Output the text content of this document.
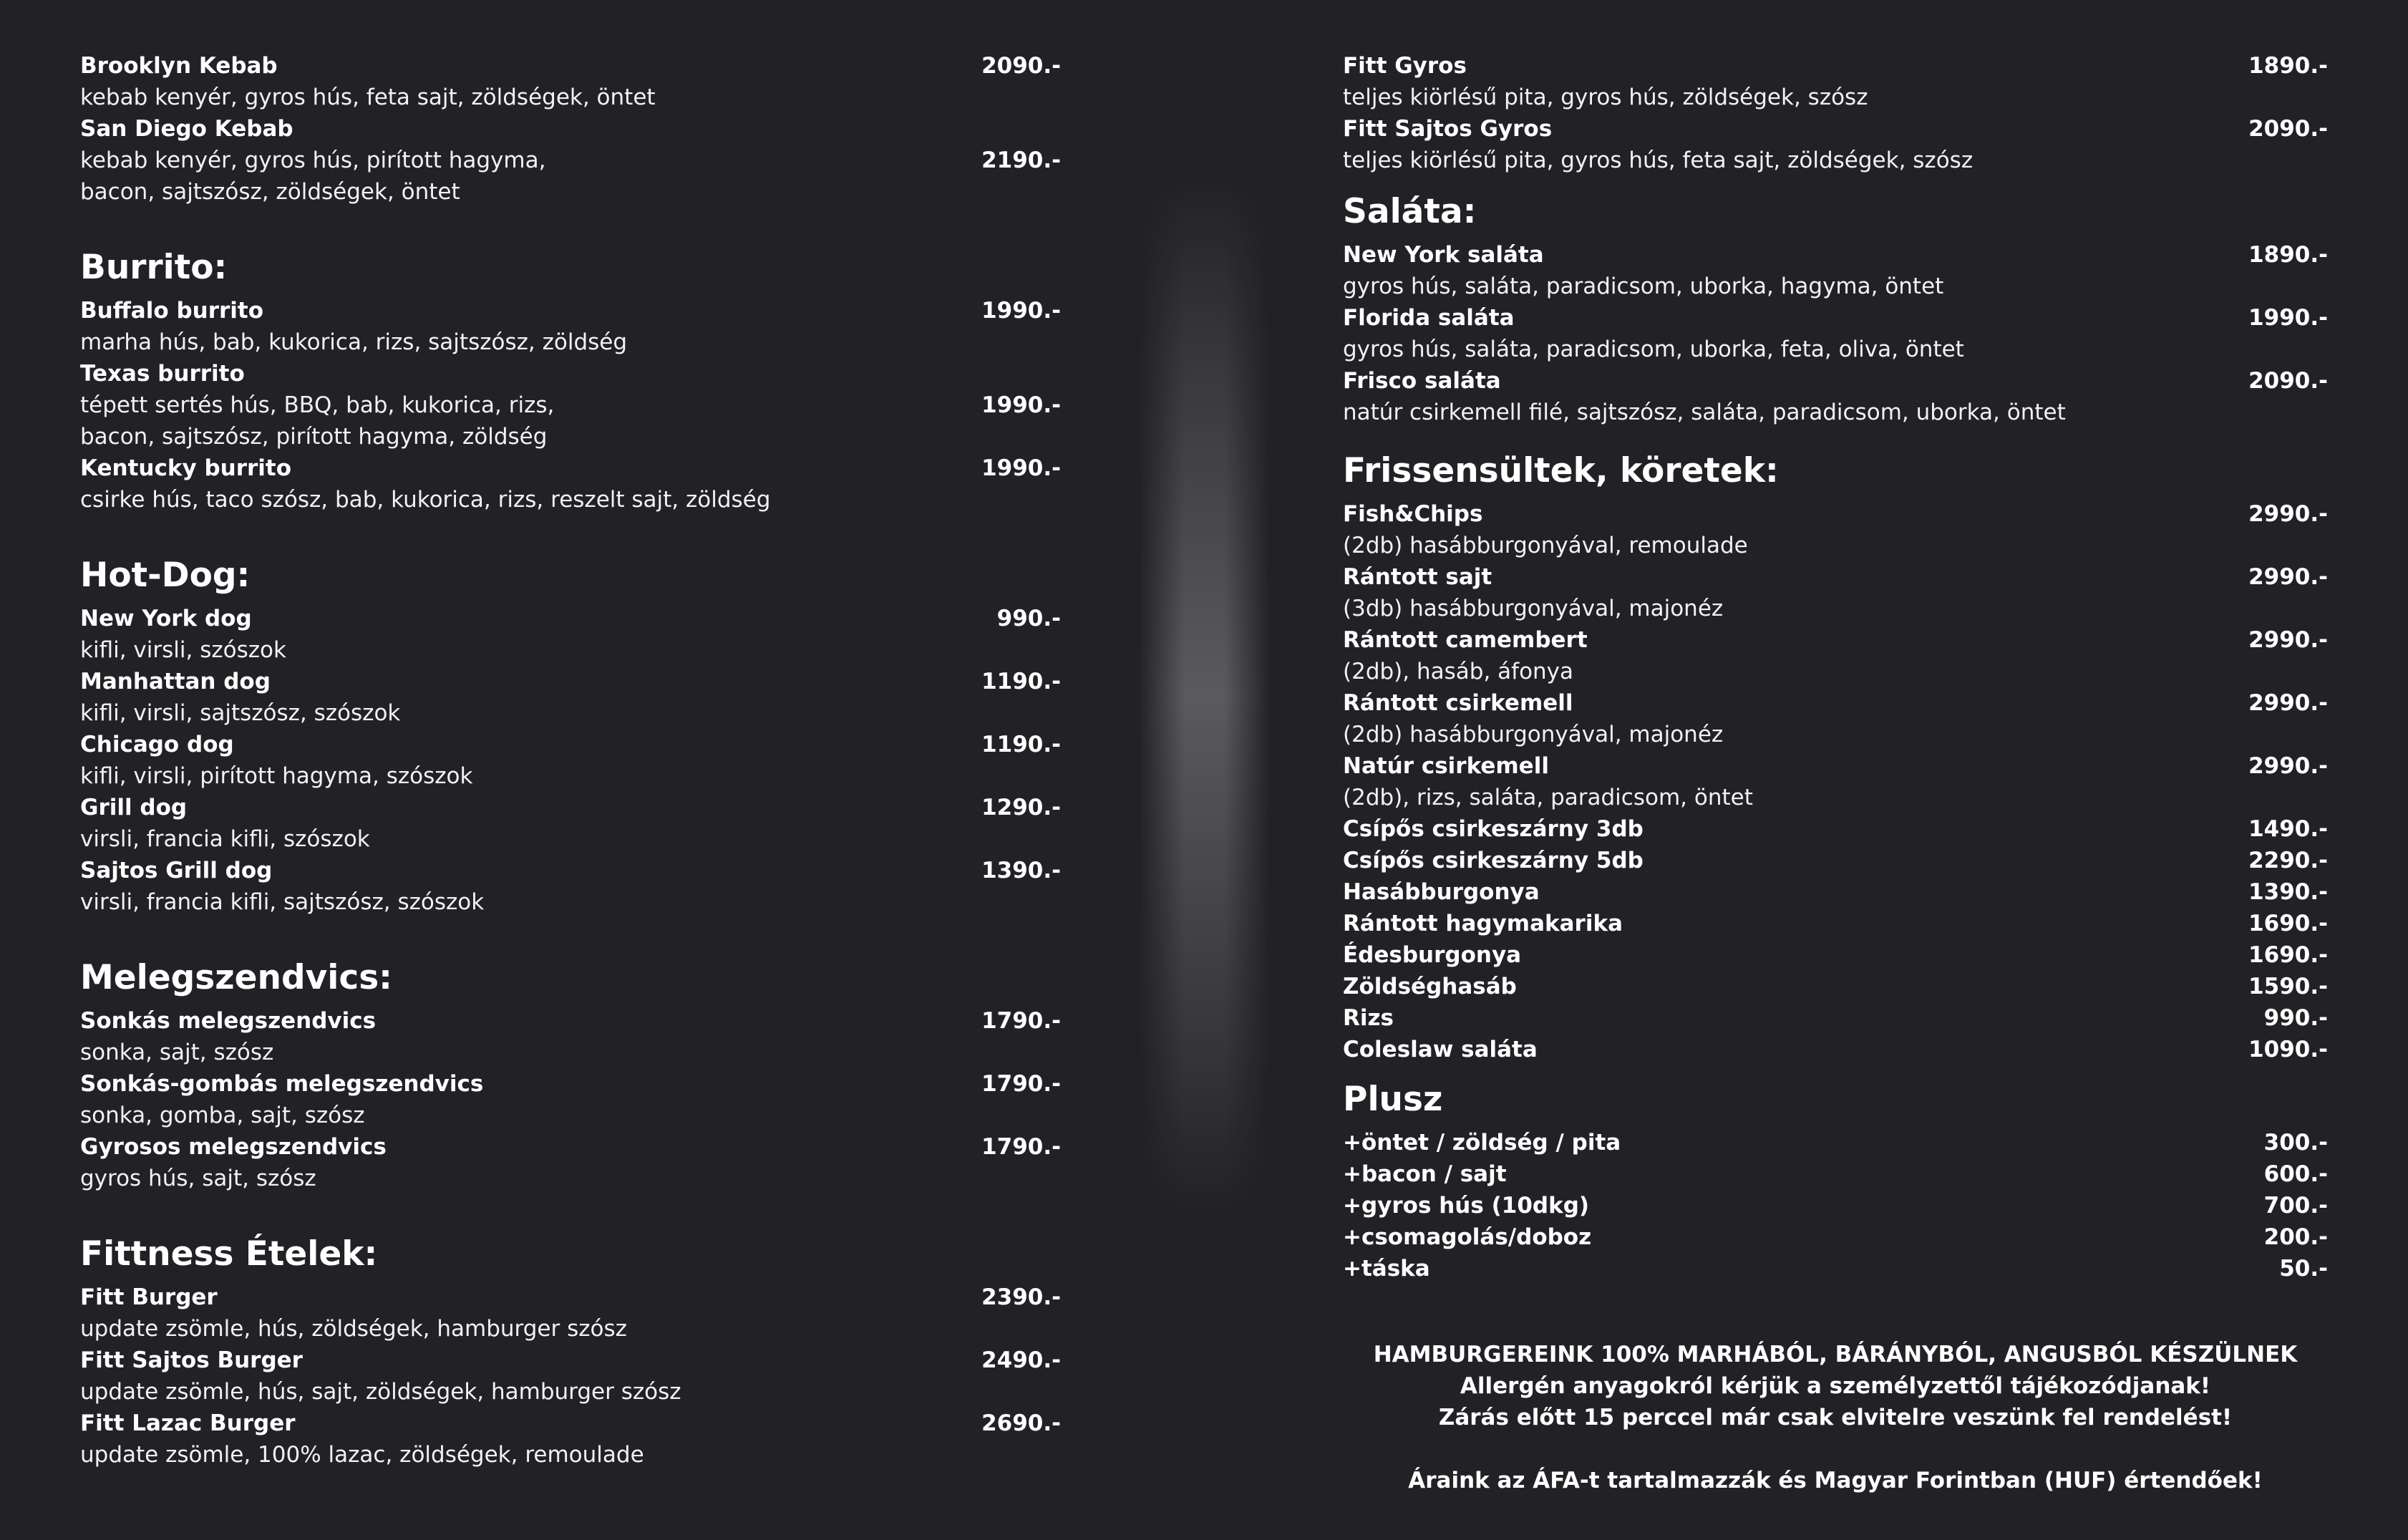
Brooklyn Kebab
kebab kenyér, gyros hús, feta sajt, zöldségek, öntet
2090.-
San Diego Kebab
kebab kenyér, gyros hús, pirított hagyma,
bacon, sajtszósz, zöldségek, öntet
2190.-
Burrito:
Buffalo burrito
marha hús, bab, kukorica, rizs, sajtszósz, zöldség
1990.-
Texas burrito
tépett sertés hús, BBQ, bab, kukorica, rizs,
bacon, sajtszósz, pirított hagyma, zöldség
1990.-
Kentucky burrito
csirke hús, taco szósz, bab, kukorica, rizs, reszelt sajt, zöldség
1990.-
Hot-Dog:
New York dog
kifli, virsli, szószok
990.-
Manhattan dog
kifli, virsli, sajtszósz, szószok
1190.-
Chicago dog
kifli, virsli, pirított hagyma, szószok
1190.-
Grill dog
virsli, francia kifli, szószok
1290.-
Sajtos Grill dog
virsli, francia kifli, sajtszósz, szószok
1390.-
Melegszendvics:
Sonkás melegszendvics
sonka, sajt, szósz
1790.-
Sonkás-gombás melegszendvics
sonka, gomba, sajt, szósz
1790.-
Gyrosos melegszendvics
gyros hús, sajt, szósz
1790.-
Fittness Ételek:
Fitt Burger
update zsömle, hús, zöldségek, hamburger szósz
2390.-
Fitt Sajtos Burger
update zsömle, hús, sajt, zöldségek, hamburger szósz
2490.-
Fitt Lazac Burger
update zsömle, 100% lazac, zöldségek, remoulade
2690.-
Fitt Gyros
teljes kiörlésű pita, gyros hús, zöldségek, szósz
1890.-
Fitt Sajtos Gyros
teljes kiörlésű pita, gyros hús, feta sajt, zöldségek, szósz
2090.-
Saláta:
New York saláta
gyros hús, saláta, paradicsom, uborka, hagyma, öntet
1890.-
Florida saláta
gyros hús, saláta, paradicsom, uborka, feta, oliva, öntet
1990.-
Frisco saláta
natúr csirkemell filé, sajtszósz, saláta, paradicsom, uborka, öntet
2090.-
Frissensültek, köretek:
Fish&Chips
(2db) hasábburgonyával, remoulade
2990.-
Rántott sajt
(3db) hasábburgonyával, majonéz
2990.-
Rántott camembert
(2db), hasáb, áfonya
2990.-
Rántott csirkemell
(2db) hasábburgonyával, majonéz
2990.-
Natúr csirkemell
(2db), rizs, saláta, paradicsom, öntet
2990.-
Csípős csirkeszárny 3db	1490.-
Csípős csirkeszárny 5db	2290.-
Hasábburgonya	1390.-
Rántott hagymakarika	1690.-
Édesburgonya	1690.-
Zöldséghasáb	1590.-
Rizs	990.-
Coleslaw saláta	1090.-
Plusz
+öntet / zöldség / pita	300.-
+bacon / sajt	600.-
+gyros hús (10dkg)	700.-
+csomagolás/doboz	200.-
+táska	50.-
HAMBURGEREINK 100% MARHÁBÓL, BÁRÁNYBÓL, ANGUSBÓL KÉSZÜLNEK
Allergén anyagokról kérjük a személyzettől tájékozódjanak!
Zárás előtt 15 perccel már csak elvitelre veszünk fel rendelést!
Áraink az ÁFA-t tartalmazzák és Magyar Forintban (HUF) értendőek!
